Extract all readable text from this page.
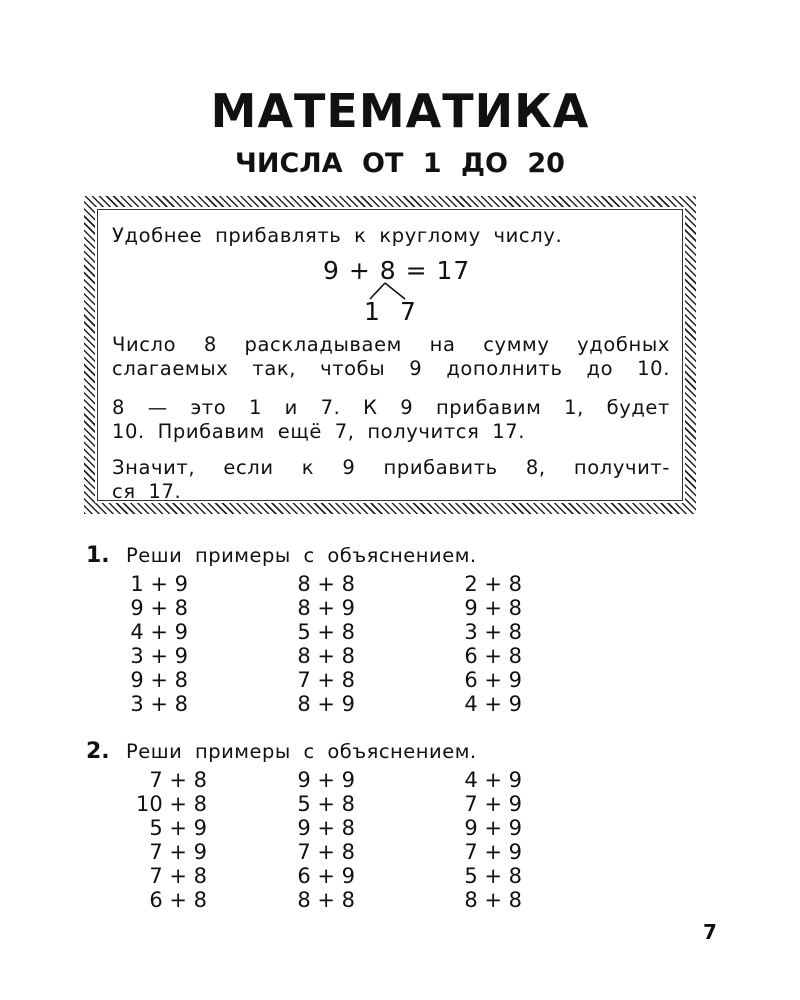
МАТЕМАТИКА
ЧИСЛА ОТ 1 ДО 20
Удобнее прибавлять к круглому числу.
9 + 8 = 17
1 7
Число 8 раскладываем на сумму удобных
слагаемых так, чтобы 9 дополнить до 10.
8 — это 1 и 7. К 9 прибавим 1, будет
10. Прибавим ещё 7, получится 17.
Значит, если к 9 прибавить 8, получит-
ся 17.
1. Реши примеры с объяснением.
2. Реши примеры с объяснением.
1 + 9
9 + 8
4 + 9
3 + 9
9 + 8
3 + 8
8 + 8
8 + 9
5 + 8
8 + 8
7 + 8
8 + 9
2 + 8
9 + 8
3 + 8
6 + 8
6 + 9
4 + 9
7 + 8
10 + 8
5 + 9
7 + 9
7 + 8
6 + 8
9 + 9
5 + 8
9 + 8
7 + 8
6 + 9
8 + 8
4 + 9
7 + 9
9 + 9
7 + 9
5 + 8
8 + 8
7
